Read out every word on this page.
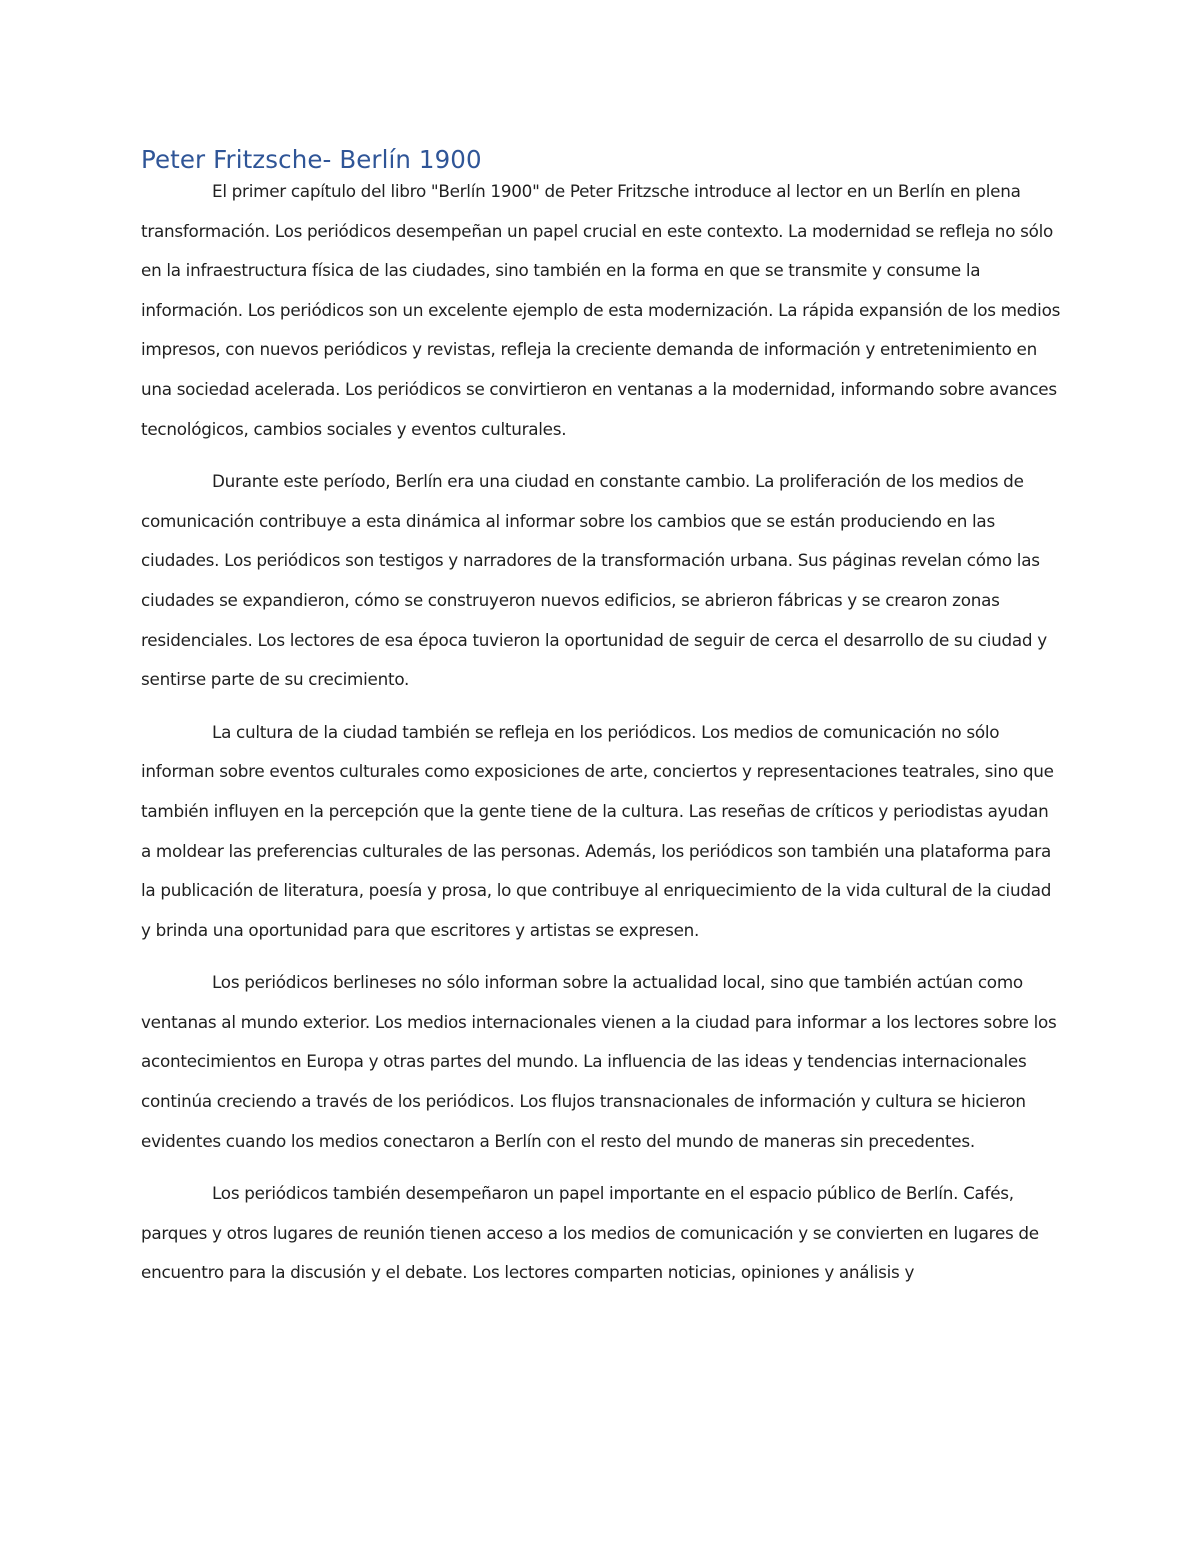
Peter Fritzsche- Berlín 1900

El primer capítulo del libro "Berlín 1900" de Peter Fritzsche introduce al lector en un Berlín en plena transformación. Los periódicos desempeñan un papel crucial en este contexto. La modernidad se refleja no sólo en la infraestructura física de las ciudades, sino también en la forma en que se transmite y consume la información. Los periódicos son un excelente ejemplo de esta modernización. La rápida expansión de los medios impresos, con nuevos periódicos y revistas, refleja la creciente demanda de información y entretenimiento en una sociedad acelerada. Los periódicos se convirtieron en ventanas a la modernidad, informando sobre avances tecnológicos, cambios sociales y eventos culturales.

Durante este período, Berlín era una ciudad en constante cambio. La proliferación de los medios de comunicación contribuye a esta dinámica al informar sobre los cambios que se están produciendo en las ciudades. Los periódicos son testigos y narradores de la transformación urbana. Sus páginas revelan cómo las ciudades se expandieron, cómo se construyeron nuevos edificios, se abrieron fábricas y se crearon zonas residenciales. Los lectores de esa época tuvieron la oportunidad de seguir de cerca el desarrollo de su ciudad y sentirse parte de su crecimiento.

La cultura de la ciudad también se refleja en los periódicos. Los medios de comunicación no sólo informan sobre eventos culturales como exposiciones de arte, conciertos y representaciones teatrales, sino que también influyen en la percepción que la gente tiene de la cultura. Las reseñas de críticos y periodistas ayudan a moldear las preferencias culturales de las personas. Además, los periódicos son también una plataforma para la publicación de literatura, poesía y prosa, lo que contribuye al enriquecimiento de la vida cultural de la ciudad y brinda una oportunidad para que escritores y artistas se expresen.

Los periódicos berlineses no sólo informan sobre la actualidad local, sino que también actúan como ventanas al mundo exterior. Los medios internacionales vienen a la ciudad para informar a los lectores sobre los acontecimientos en Europa y otras partes del mundo. La influencia de las ideas y tendencias internacionales continúa creciendo a través de los periódicos. Los flujos transnacionales de información y cultura se hicieron evidentes cuando los medios conectaron a Berlín con el resto del mundo de maneras sin precedentes.

Los periódicos también desempeñaron un papel importante en el espacio público de Berlín. Cafés, parques y otros lugares de reunión tienen acceso a los medios de comunicación y se convierten en lugares de encuentro para la discusión y el debate. Los lectores comparten noticias, opiniones y análisis y
